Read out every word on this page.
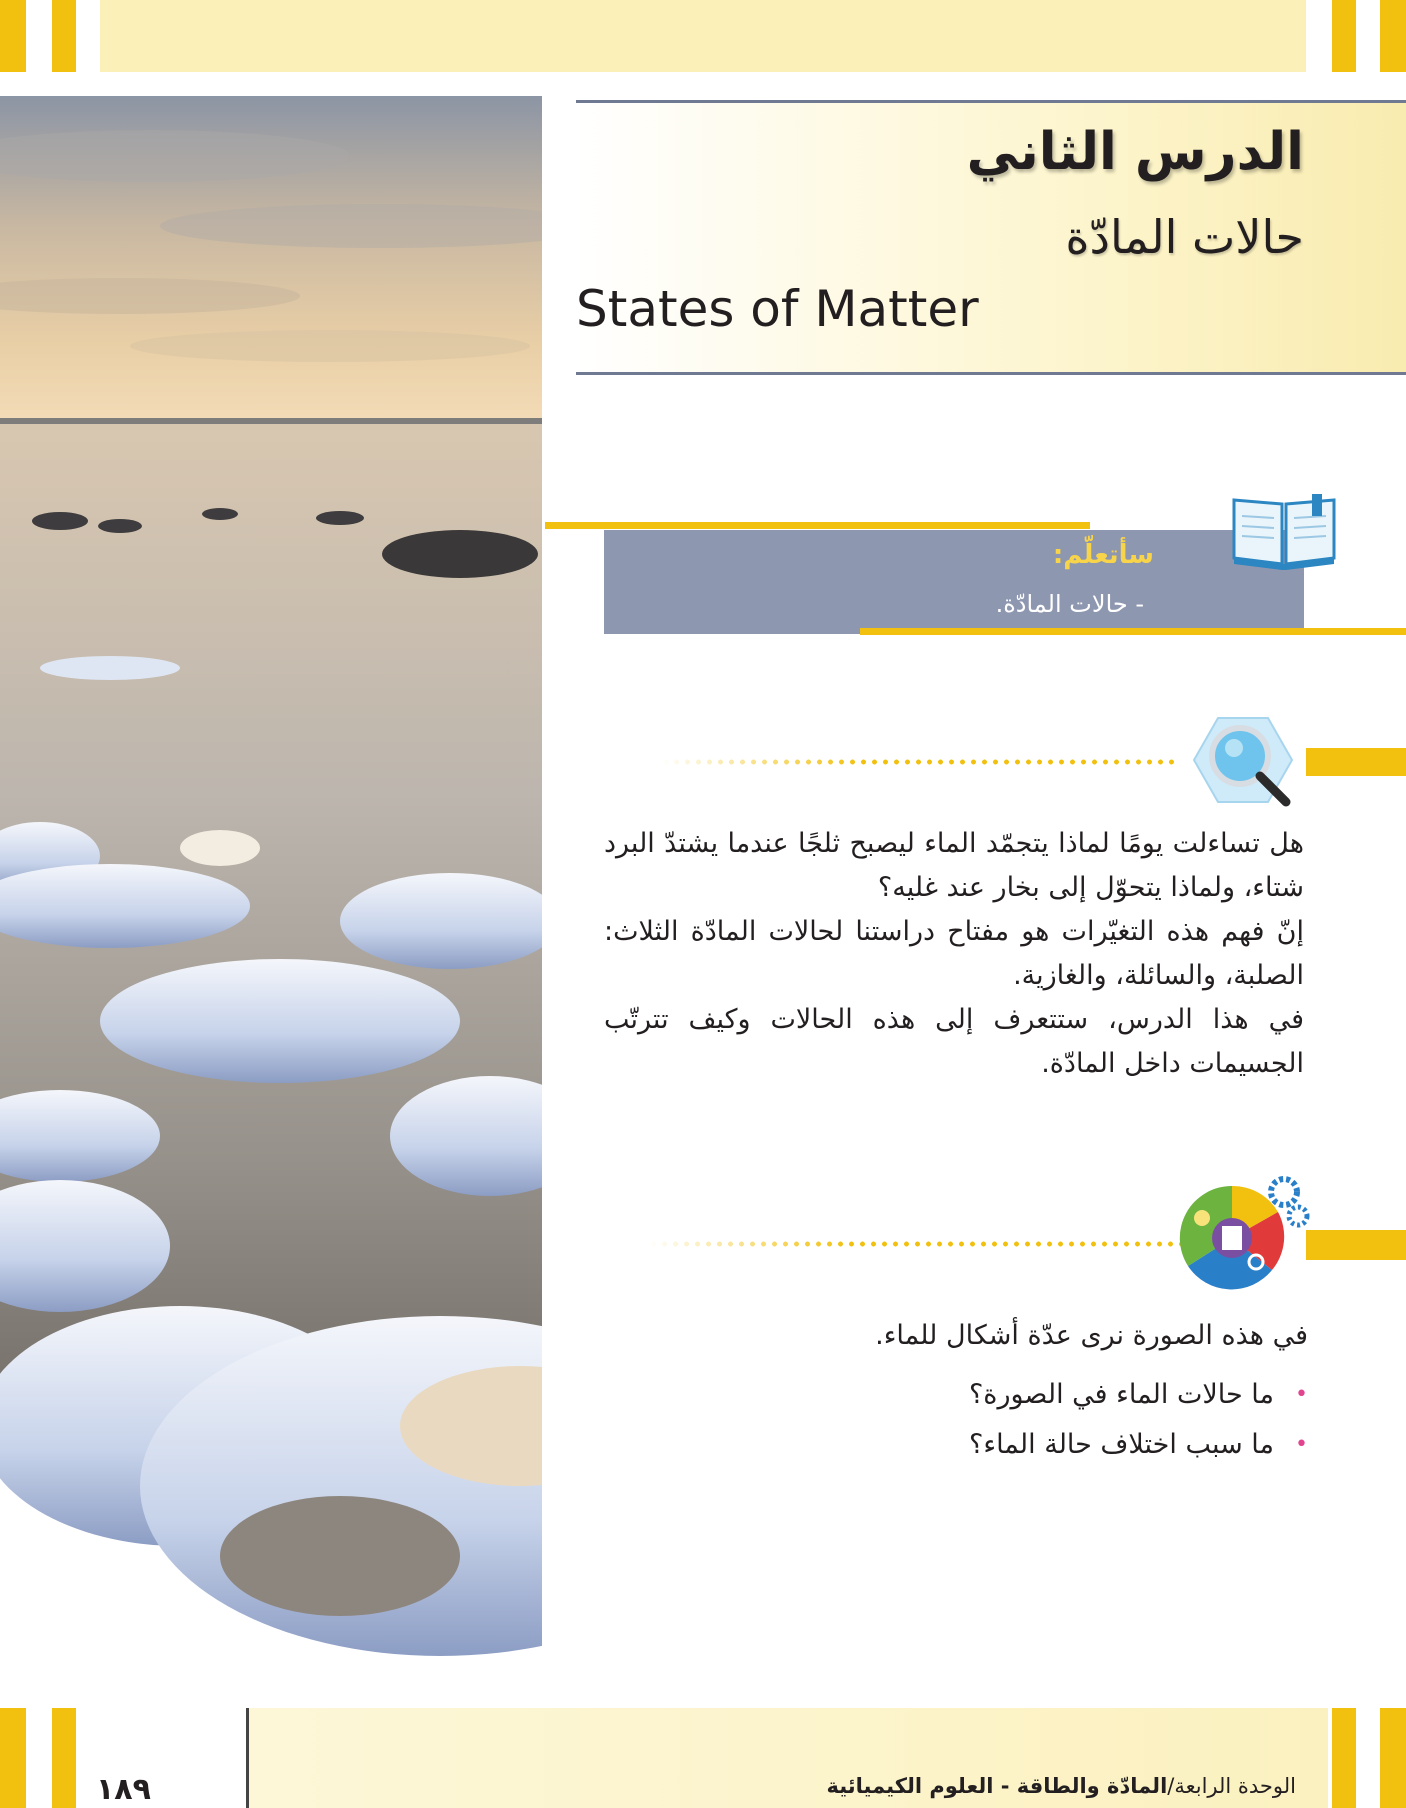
الدرس الثاني
حالات المادّة
States of Matter
سأتعلّم:
- حالات المادّة.

هل تساءلت يومًا لماذا يتجمّد الماء ليصبح ثلجًا عندما يشتدّ البرد شتاء، ولماذا يتحوّل إلى بخار عند غليه؟

إنّ فهم هذه التغيّرات هو مفتاح دراستنا لحالات المادّة الثلاث: الصلبة، والسائلة، والغازية.

في هذا الدرس، ستتعرف إلى هذه الحالات وكيف تترتّب الجسيمات داخل المادّة.

في هذه الصورة نرى عدّة أشكال للماء.
•
ما حالات الماء في الصورة؟
•
ما سبب اختلاف حالة الماء؟
١٨٩	الوحدة الرابعة/المادّة والطاقة - العلوم الكيميائية
